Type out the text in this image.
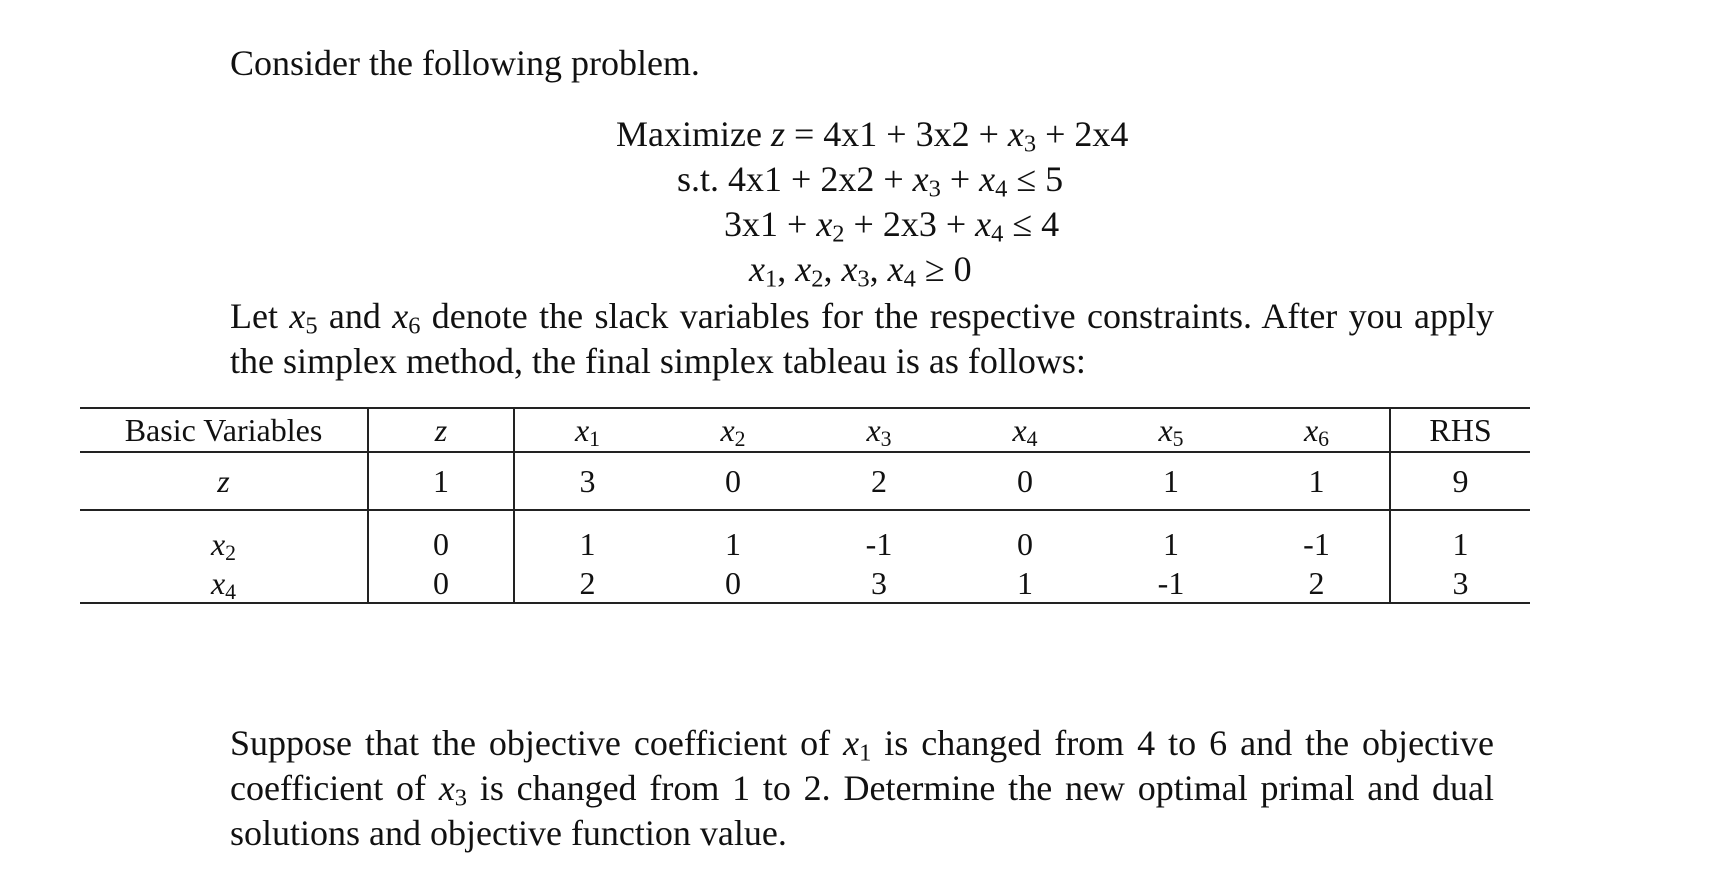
Consider the following problem.

Maximize $z = 4x1 + 3x2 + x_3 + 2x4$
s.t. $4x1 + 2x2 + x_3 + x_4 \le 5$
$3x1 + x_2 + 2x3 + x_4 \le 4$
$x_1$, $x_2$, $x_3$, $x_4 \ge 0$

Let $x_5$ and $x_6$ denote the slack variables for the respective constraints. After you apply the simplex method, the final simplex tableau is as follows:

Basic Variables	z	$x_1$	$x_2$	$x_3$	$x_4$	$x_5$	$x_6$	RHS
z	1	3	0	2	0	1	1	9
$x_2$	0	1	1	-1	0	1	-1	1
$x_4$	0	2	0	3	1	-1	2	3

Suppose that the objective coefficient of $x_1$ is changed from 4 to 6 and the objective coefficient of $x_3$ is changed from 1 to 2. Determine the new optimal primal and dual solutions and objective function value.
